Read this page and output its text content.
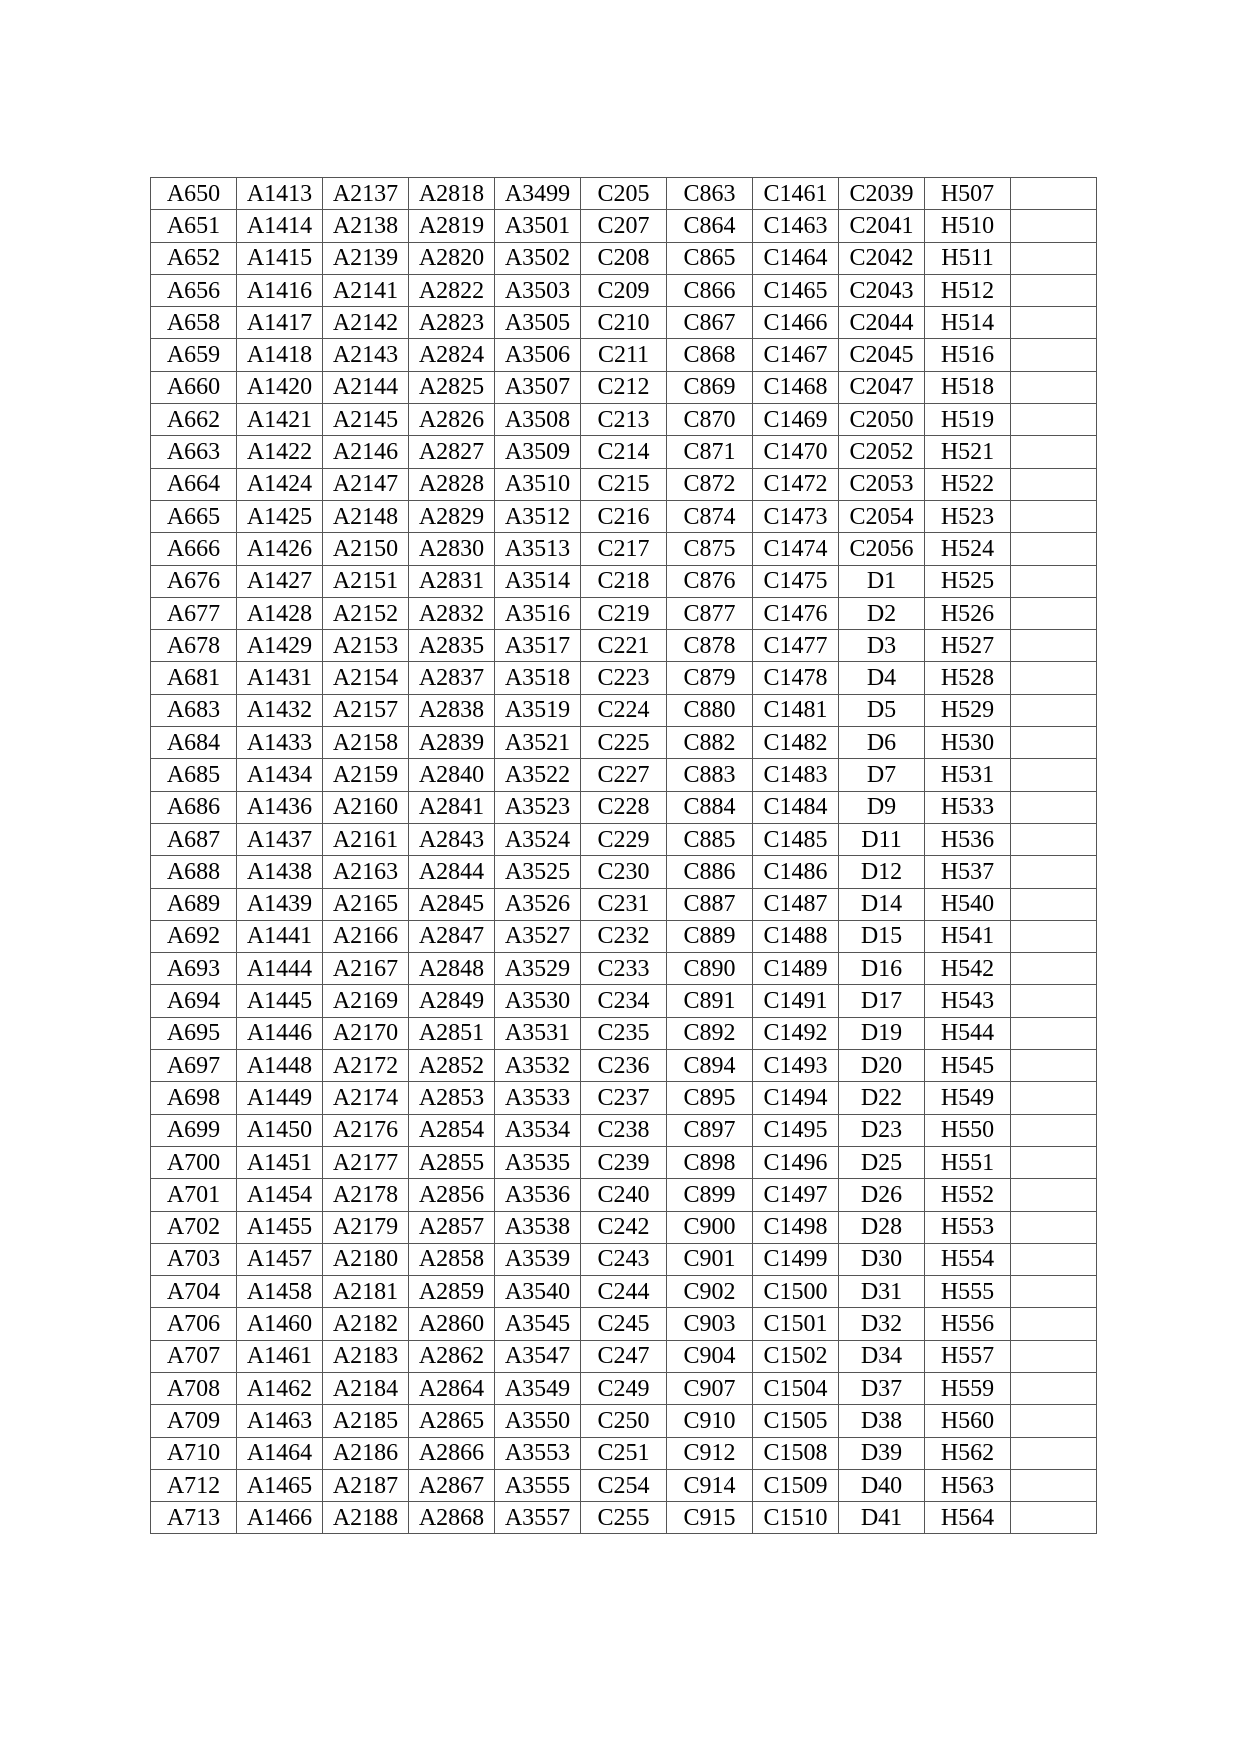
A650	A1413	A2137	A2818	A3499	C205	C863	C1461	C2039	H507	
A651	A1414	A2138	A2819	A3501	C207	C864	C1463	C2041	H510	
A652	A1415	A2139	A2820	A3502	C208	C865	C1464	C2042	H511	
A656	A1416	A2141	A2822	A3503	C209	C866	C1465	C2043	H512	
A658	A1417	A2142	A2823	A3505	C210	C867	C1466	C2044	H514	
A659	A1418	A2143	A2824	A3506	C211	C868	C1467	C2045	H516	
A660	A1420	A2144	A2825	A3507	C212	C869	C1468	C2047	H518	
A662	A1421	A2145	A2826	A3508	C213	C870	C1469	C2050	H519	
A663	A1422	A2146	A2827	A3509	C214	C871	C1470	C2052	H521	
A664	A1424	A2147	A2828	A3510	C215	C872	C1472	C2053	H522	
A665	A1425	A2148	A2829	A3512	C216	C874	C1473	C2054	H523	
A666	A1426	A2150	A2830	A3513	C217	C875	C1474	C2056	H524	
A676	A1427	A2151	A2831	A3514	C218	C876	C1475	D1	H525	
A677	A1428	A2152	A2832	A3516	C219	C877	C1476	D2	H526	
A678	A1429	A2153	A2835	A3517	C221	C878	C1477	D3	H527	
A681	A1431	A2154	A2837	A3518	C223	C879	C1478	D4	H528	
A683	A1432	A2157	A2838	A3519	C224	C880	C1481	D5	H529	
A684	A1433	A2158	A2839	A3521	C225	C882	C1482	D6	H530	
A685	A1434	A2159	A2840	A3522	C227	C883	C1483	D7	H531	
A686	A1436	A2160	A2841	A3523	C228	C884	C1484	D9	H533	
A687	A1437	A2161	A2843	A3524	C229	C885	C1485	D11	H536	
A688	A1438	A2163	A2844	A3525	C230	C886	C1486	D12	H537	
A689	A1439	A2165	A2845	A3526	C231	C887	C1487	D14	H540	
A692	A1441	A2166	A2847	A3527	C232	C889	C1488	D15	H541	
A693	A1444	A2167	A2848	A3529	C233	C890	C1489	D16	H542	
A694	A1445	A2169	A2849	A3530	C234	C891	C1491	D17	H543	
A695	A1446	A2170	A2851	A3531	C235	C892	C1492	D19	H544	
A697	A1448	A2172	A2852	A3532	C236	C894	C1493	D20	H545	
A698	A1449	A2174	A2853	A3533	C237	C895	C1494	D22	H549	
A699	A1450	A2176	A2854	A3534	C238	C897	C1495	D23	H550	
A700	A1451	A2177	A2855	A3535	C239	C898	C1496	D25	H551	
A701	A1454	A2178	A2856	A3536	C240	C899	C1497	D26	H552	
A702	A1455	A2179	A2857	A3538	C242	C900	C1498	D28	H553	
A703	A1457	A2180	A2858	A3539	C243	C901	C1499	D30	H554	
A704	A1458	A2181	A2859	A3540	C244	C902	C1500	D31	H555	
A706	A1460	A2182	A2860	A3545	C245	C903	C1501	D32	H556	
A707	A1461	A2183	A2862	A3547	C247	C904	C1502	D34	H557	
A708	A1462	A2184	A2864	A3549	C249	C907	C1504	D37	H559	
A709	A1463	A2185	A2865	A3550	C250	C910	C1505	D38	H560	
A710	A1464	A2186	A2866	A3553	C251	C912	C1508	D39	H562	
A712	A1465	A2187	A2867	A3555	C254	C914	C1509	D40	H563	
A713	A1466	A2188	A2868	A3557	C255	C915	C1510	D41	H564	
